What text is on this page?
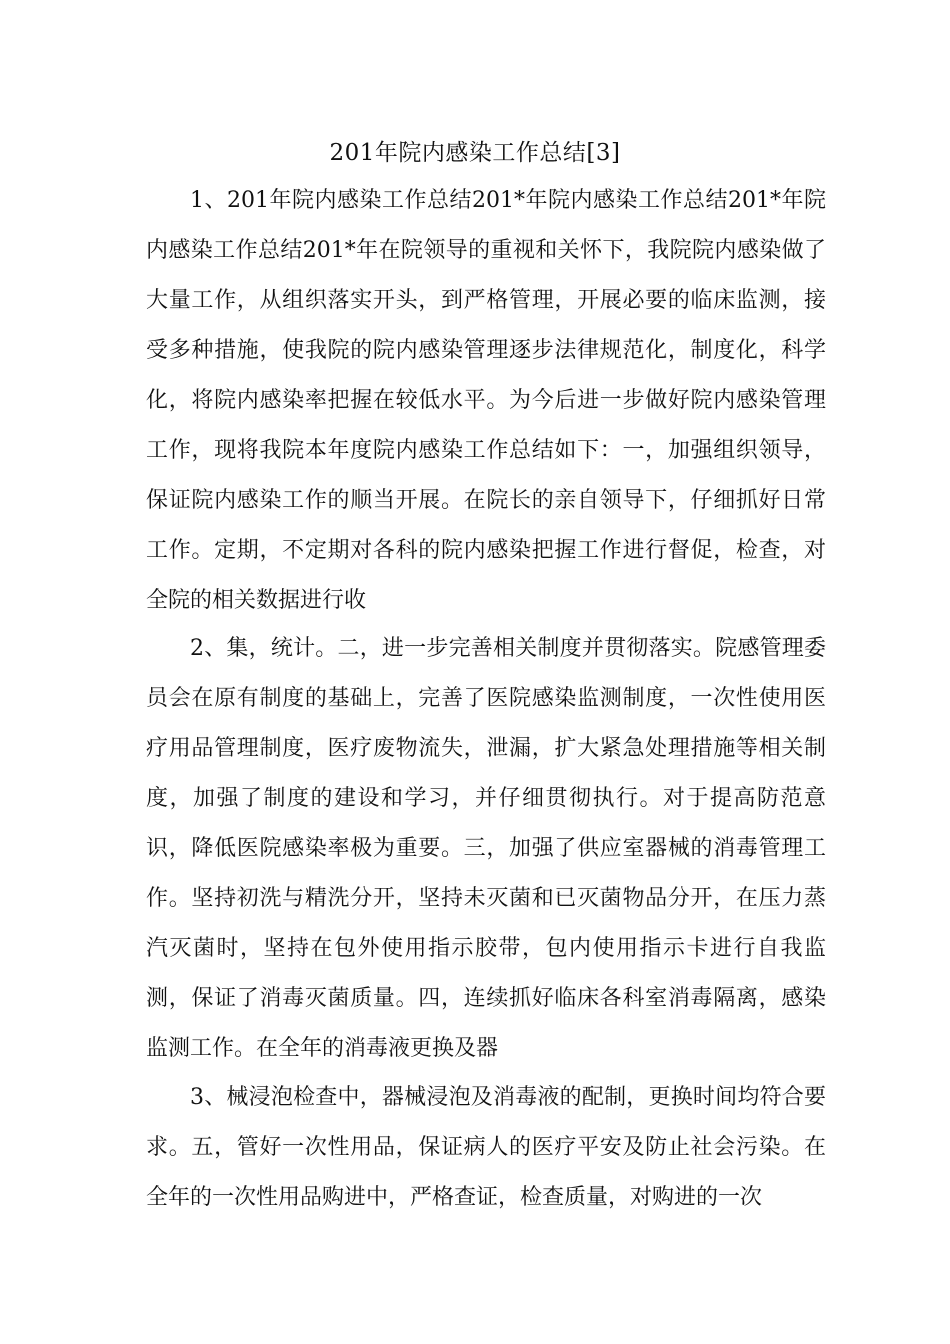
201年院内感染工作总结[3]

1、201年院内感染工作总结201*年院内感染工作总结201*年院内感染工作总结201*年在院领导的重视和关怀下，我院院内感染做了大量工作，从组织落实开头，到严格管理，开展必要的临床监测，接受多种措施，使我院的院内感染管理逐步法律规范化，制度化，科学化，将院内感染率把握在较低水平。为今后进一步做好院内感染管理工作，现将我院本年度院内感染工作总结如下：一，加强组织领导，保证院内感染工作的顺当开展。在院长的亲自领导下，仔细抓好日常工作。定期，不定期对各科的院内感染把握工作进行督促，检查，对全院的相关数据进行收

2、集，统计。二，进一步完善相关制度并贯彻落实。院感管理委员会在原有制度的基础上，完善了医院感染监测制度，一次性使用医疗用品管理制度，医疗废物流失，泄漏，扩大紧急处理措施等相关制度，加强了制度的建设和学习，并仔细贯彻执行。对于提高防范意识，降低医院感染率极为重要。三，加强了供应室器械的消毒管理工作。坚持初洗与精洗分开，坚持未灭菌和已灭菌物品分开，在压力蒸汽灭菌时，坚持在包外使用指示胶带，包内使用指示卡进行自我监测，保证了消毒灭菌质量。四，连续抓好临床各科室消毒隔离，感染监测工作。在全年的消毒液更换及器

3、械浸泡检查中，器械浸泡及消毒液的配制，更换时间均符合要求。五，管好一次性用品，保证病人的医疗平安及防止社会污染。在全年的一次性用品购进中，严格查证，检查质量，对购进的一次
